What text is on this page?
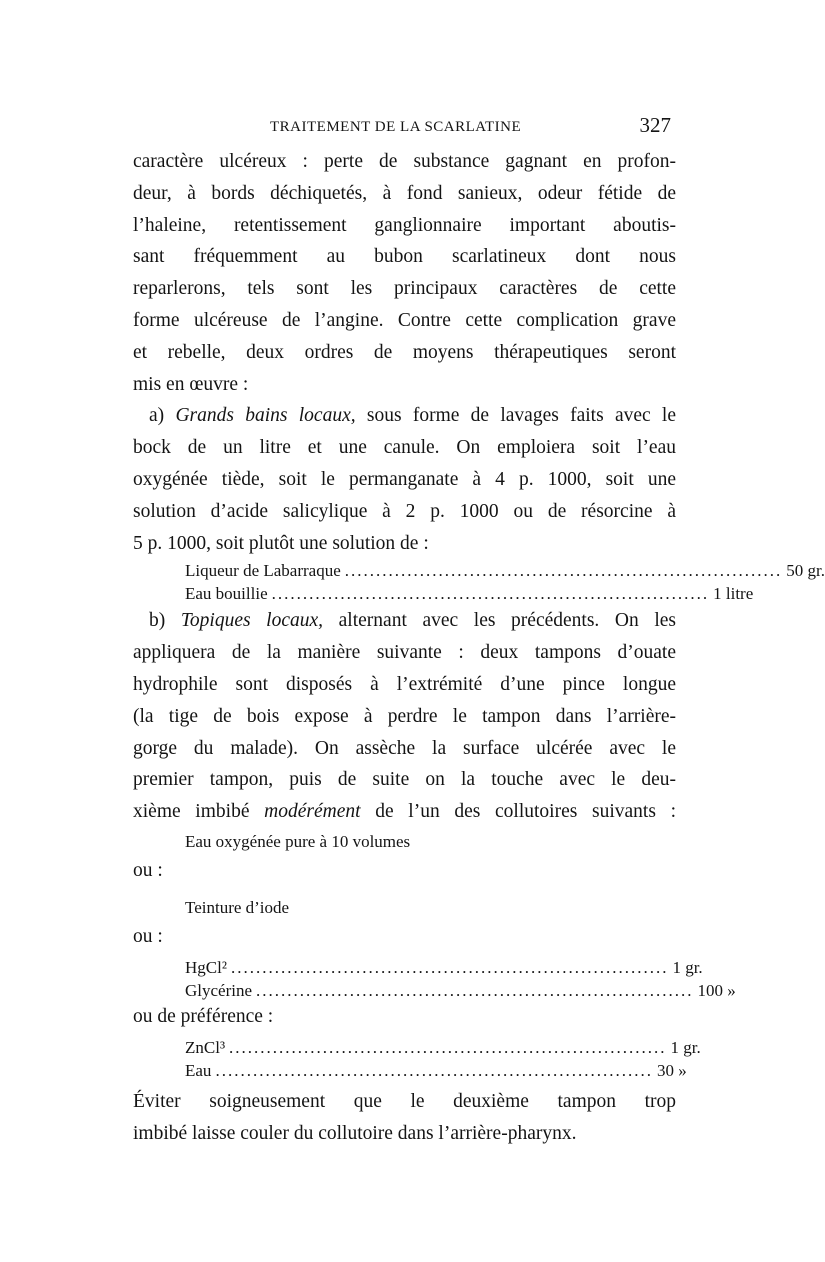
TRAITEMENT DE LA SCARLATINE	327

caractère ulcéreux : perte de substance gagnant en profon-
deur, à bords déchiquetés, à fond sanieux, odeur fétide de
l’haleine, retentissement ganglionnaire important aboutis-
sant fréquemment au bubon scarlatineux dont nous
reparlerons, tels sont les principaux caractères de cette
forme ulcéreuse de l’angine. Contre cette complication grave
et rebelle, deux ordres de moyens thérapeutiques seront
mis en œuvre :

a) Grands bains locaux, sous forme de lavages faits avec le
bock de un litre et une canule. On emploiera soit l’eau
oxygénée tiède, soit le permanganate à 4 p. 1000, soit une
solution d’acide salicylique à 2 p. 1000 ou de résorcine à
5 p. 1000, soit plutôt une solution de :

Liqueur de Labarraque ...................................................................... 50 gr.
Eau bouillie ...................................................................... 1 litre

b) Topiques locaux, alternant avec les précédents. On les
appliquera de la manière suivante : deux tampons d’ouate
hydrophile sont disposés à l’extrémité d’une pince longue
(la tige de bois expose à perdre le tampon dans l’arrière-
gorge du malade). On assèche la surface ulcérée avec le
premier tampon, puis de suite on la touche avec le deu-
xième imbibé modérément de l’un des collutoires suivants :

Eau oxygénée pure à 10 volumes

ou :

Teinture d’iode

ou :

HgCl² ...................................................................... 1 gr.
Glycérine ...................................................................... 100 »

ou de préférence :

ZnCl³ ...................................................................... 1 gr.
Eau ...................................................................... 30 »

Éviter soigneusement que le deuxième tampon trop
imbibé laisse couler du collutoire dans l’arrière-pharynx.
